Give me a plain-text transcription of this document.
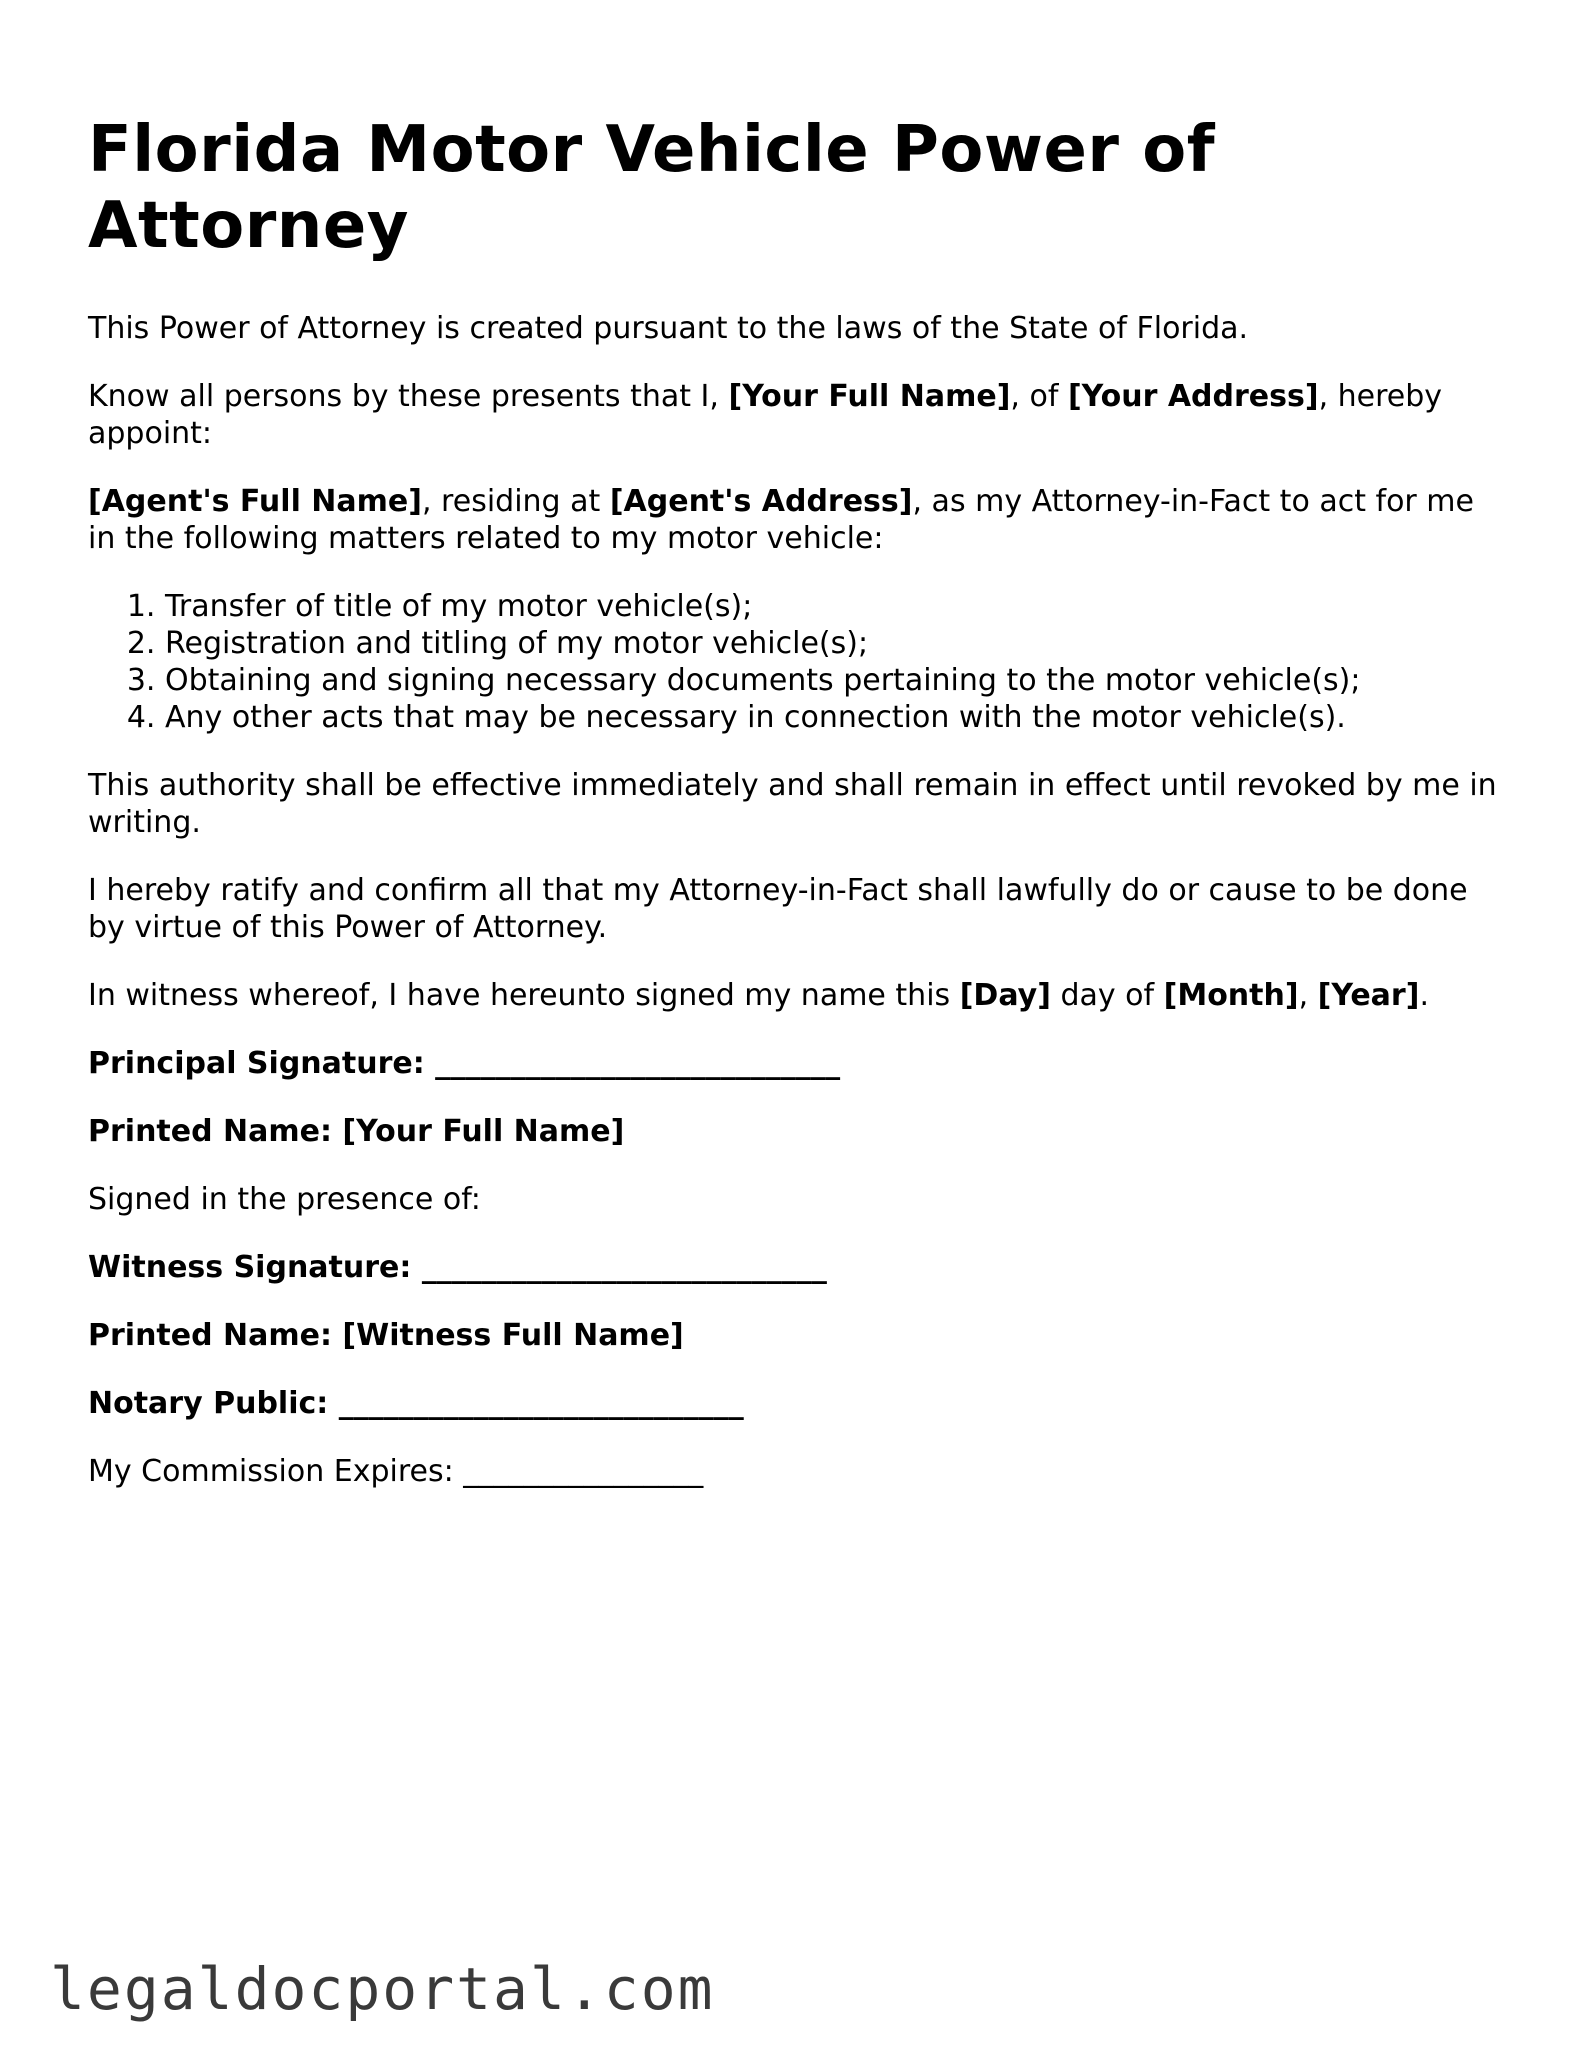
Florida Motor Vehicle Power of Attorney

This Power of Attorney is created pursuant to the laws of the State of Florida.

Know all persons by these presents that I, [Your Full Name], of [Your Address], hereby appoint:

[Agent's Full Name], residing at [Agent's Address], as my Attorney-in-Fact to act for me in the following matters related to my motor vehicle:

1. Transfer of title of my motor vehicle(s);
2. Registration and titling of my motor vehicle(s);
3. Obtaining and signing necessary documents pertaining to the motor vehicle(s);
4. Any other acts that may be necessary in connection with the motor vehicle(s).

This authority shall be effective immediately and shall remain in effect until revoked by me in writing.

I hereby ratify and confirm all that my Attorney-in-Fact shall lawfully do or cause to be done by virtue of this Power of Attorney.

In witness whereof, I have hereunto signed my name this [Day] day of [Month], [Year].

Principal Signature: ___________________________

Printed Name: [Your Full Name]

Signed in the presence of:

Witness Signature: ___________________________

Printed Name: [Witness Full Name]

Notary Public: ___________________________

My Commission Expires: ________________

legaldocportal.com
